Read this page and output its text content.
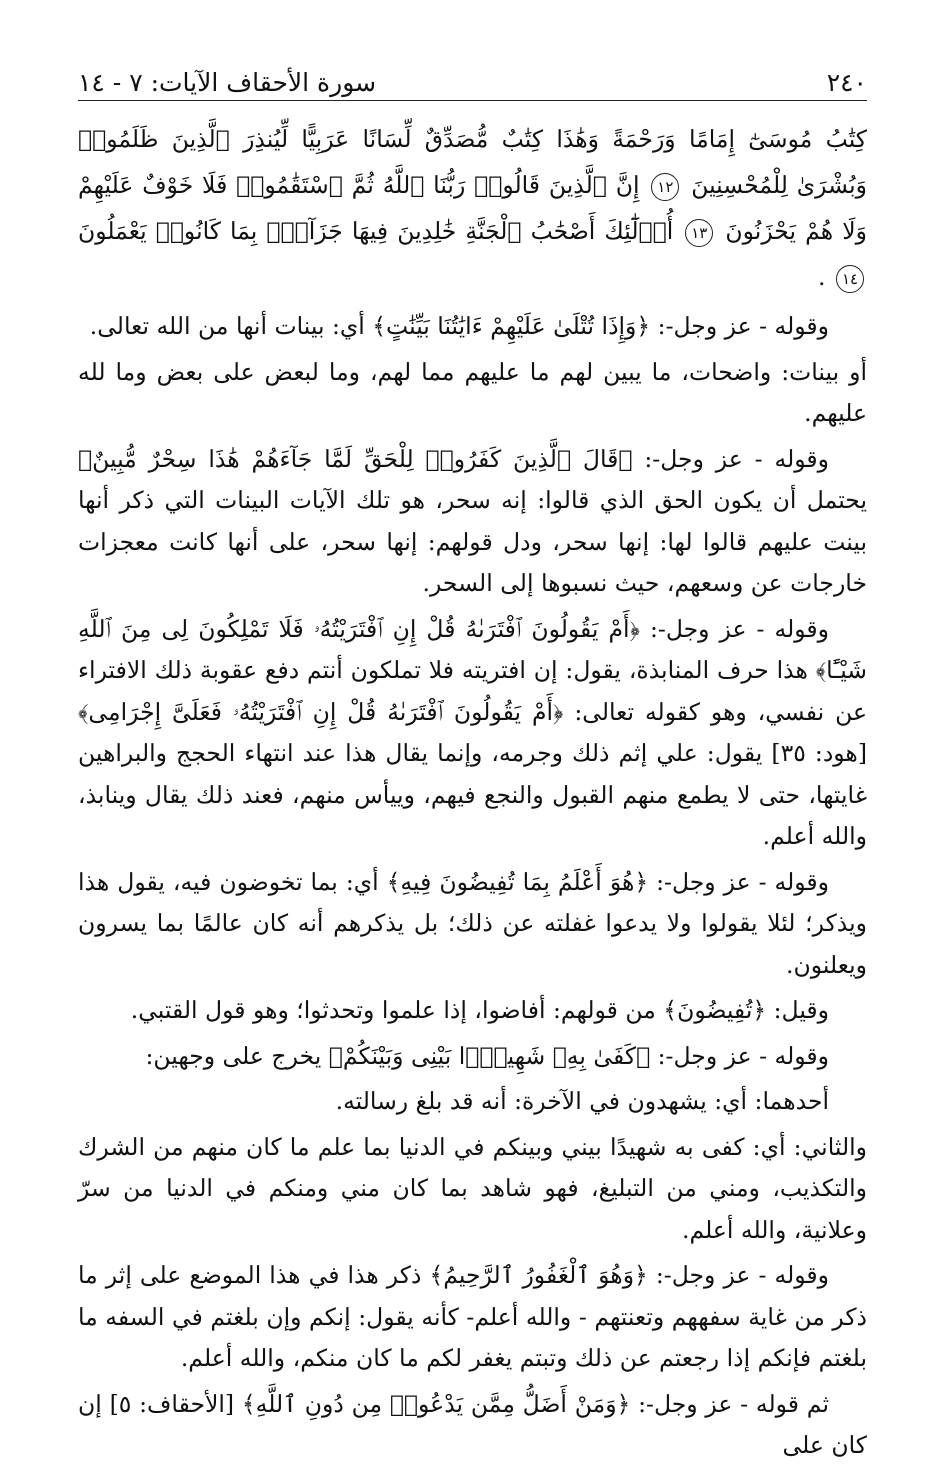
٢٤٠
سورة الأحقاف الآيات: ٧ - ١٤

كِتَٰبُ مُوسَىٰٓ إِمَامًا وَرَحْمَةً وَهَٰذَا كِتَٰبٌ مُّصَدِّقٌ لِّسَانًا عَرَبِيًّا لِّيُنذِرَ ٱلَّذِينَ ظَلَمُوا۟ وَبُشْرَىٰ لِلْمُحْسِنِينَ ١٢ إِنَّ ٱلَّذِينَ قَالُوا۟ رَبُّنَا ٱللَّهُ ثُمَّ ٱسْتَقَٰمُوا۟ فَلَا خَوْفٌ عَلَيْهِمْ وَلَا هُمْ يَحْزَنُونَ ١٣ أُو۟لَٰٓئِكَ أَصْحَٰبُ ٱلْجَنَّةِ خَٰلِدِينَ فِيهَا جَزَآءًۢ بِمَا كَانُوا۟ يَعْمَلُونَ ١٤ .

وقوله - عز وجل-: ﴿وَإِذَا تُتْلَىٰ عَلَيْهِمْ ءَايَٰتُنَا بَيِّنَٰتٍ﴾ أي: بينات أنها من الله تعالى.

أو بينات: واضحات، ما يبين لهم ما عليهم مما لهم، وما لبعض على بعض وما لله عليهم.

وقوله - عز وجل-: ﴿قَالَ ٱلَّذِينَ كَفَرُوا۟ لِلْحَقِّ لَمَّا جَآءَهُمْ هَٰذَا سِحْرٌ مُّبِينٌ﴾ يحتمل أن يكون الحق الذي قالوا: إنه سحر، هو تلك الآيات البينات التي ذكر أنها بينت عليهم قالوا لها: إنها سحر، ودل قولهم: إنها سحر، على أنها كانت معجزات خارجات عن وسعهم، حيث نسبوها إلى السحر.

وقوله - عز وجل-: ﴿أَمْ يَقُولُونَ ٱفْتَرَىٰهُ قُلْ إِنِ ٱفْتَرَيْتُهُۥ فَلَا تَمْلِكُونَ لِى مِنَ ٱللَّهِ شَيْـًٔا﴾ هذا حرف المنابذة، يقول: إن افتريته فلا تملكون أنتم دفع عقوبة ذلك الافتراء عن نفسي، وهو كقوله تعالى: ﴿أَمْ يَقُولُونَ ٱفْتَرَىٰهُ قُلْ إِنِ ٱفْتَرَيْتُهُۥ فَعَلَىَّ إِجْرَامِى﴾ [هود: ٣٥] يقول: علي إثم ذلك وجرمه، وإنما يقال هذا عند انتهاء الحجج والبراهين غايتها، حتى لا يطمع منهم القبول والنجع فيهم، وييأس منهم، فعند ذلك يقال وينابذ، والله أعلم.

وقوله - عز وجل-: ﴿هُوَ أَعْلَمُ بِمَا تُفِيضُونَ فِيهِ﴾ أي: بما تخوضون فيه، يقول هذا ويذكر؛ لئلا يقولوا ولا يدعوا غفلته عن ذلك؛ بل يذكرهم أنه كان عالمًا بما يسرون ويعلنون.

وقيل: ﴿تُفِيضُونَ﴾ من قولهم: أفاضوا، إذا علموا وتحدثوا؛ وهو قول القتبي.

وقوله - عز وجل-: ﴿كَفَىٰ بِهِۦ شَهِيدًۢا بَيْنِى وَبَيْنَكُمْ﴾ يخرج على وجهين:

أحدهما: أي: يشهدون في الآخرة: أنه قد بلغ رسالته.

والثاني: أي: كفى به شهيدًا بيني وبينكم في الدنيا بما علم ما كان منهم من الشرك والتكذيب، ومني من التبليغ، فهو شاهد بما كان مني ومنكم في الدنيا من سرّ وعلانية، والله أعلم.

وقوله - عز وجل-: ﴿وَهُوَ ٱلْغَفُورُ ٱلرَّحِيمُ﴾ ذكر هذا في هذا الموضع على إثر ما ذكر من غاية سفههم وتعنتهم - والله أعلم- كأنه يقول: إنكم وإن بلغتم في السفه ما بلغتم فإنكم إذا رجعتم عن ذلك وتبتم يغفر لكم ما كان منكم، والله أعلم.

ثم قوله - عز وجل-: ﴿وَمَنْ أَضَلُّ مِمَّن يَدْعُوا۟ مِن دُونِ ٱللَّهِ﴾ [الأحقاف: ٥] إن كان على
